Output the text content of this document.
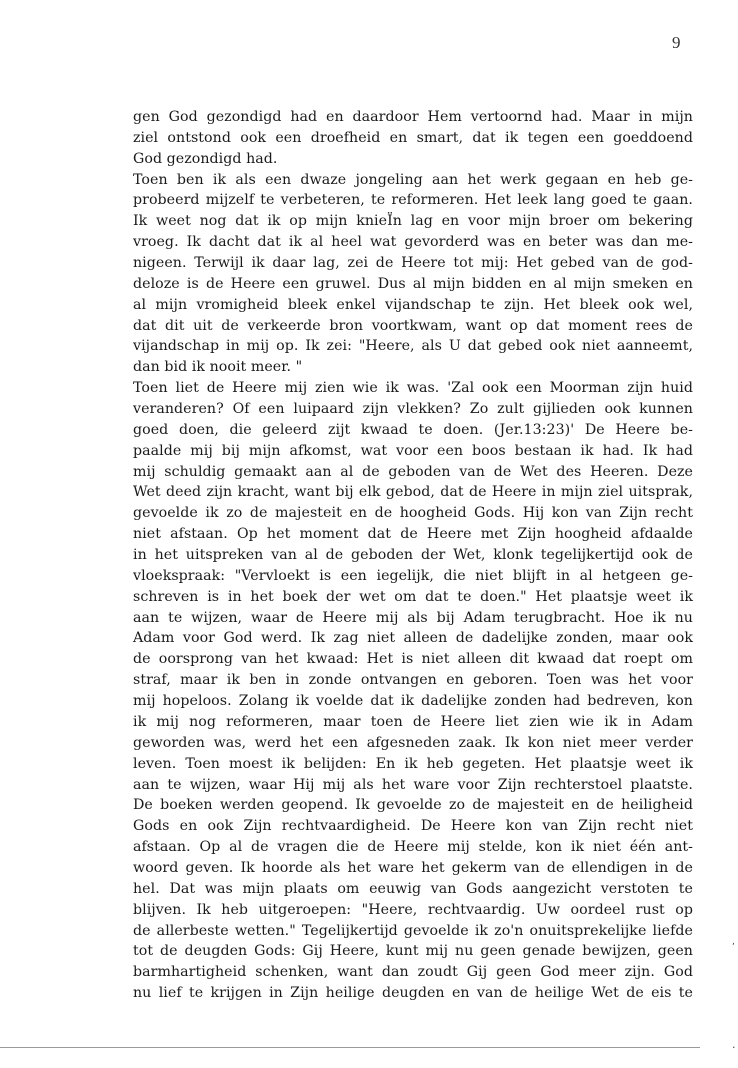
9
gen God gezondigd had en daardoor Hem vertoornd had. Maar in mijn
ziel ontstond ook een droefheid en smart, dat ik tegen een goeddoend
God gezondigd had.
Toen ben ik als een dwaze jongeling aan het werk gegaan en heb ge-
probeerd mijzelf te verbeteren, te reformeren. Het leek lang goed te gaan.
Ik weet nog dat ik op mijn knieÏn lag en voor mijn broer om bekering
vroeg. Ik dacht dat ik al heel wat gevorderd was en beter was dan me-
nigeen. Terwijl ik daar lag, zei de Heere tot mij: Het gebed van de god-
deloze is de Heere een gruwel. Dus al mijn bidden en al mijn smeken en
al mijn vromigheid bleek enkel vijandschap te zijn. Het bleek ook wel,
dat dit uit de verkeerde bron voortkwam, want op dat moment rees de
vijandschap in mij op. Ik zei: "Heere, als U dat gebed ook niet aanneemt,
dan bid ik nooit meer. "
Toen liet de Heere mij zien wie ik was. 'Zal ook een Moorman zijn huid
veranderen? Of een luipaard zijn vlekken? Zo zult gijlieden ook kunnen
goed doen, die geleerd zijt kwaad te doen. (Jer.13:23)' De Heere be-
paalde mij bij mijn afkomst, wat voor een boos bestaan ik had. Ik had
mij schuldig gemaakt aan al de geboden van de Wet des Heeren. Deze
Wet deed zijn kracht, want bij elk gebod, dat de Heere in mijn ziel uitsprak,
gevoelde ik zo de majesteit en de hoogheid Gods. Hij kon van Zijn recht
niet afstaan. Op het moment dat de Heere met Zijn hoogheid afdaalde
in het uitspreken van al de geboden der Wet, klonk tegelijkertijd ook de
vloekspraak: "Vervloekt is een iegelijk, die niet blijft in al hetgeen ge-
schreven is in het boek der wet om dat te doen." Het plaatsje weet ik
aan te wijzen, waar de Heere mij als bij Adam terugbracht. Hoe ik nu
Adam voor God werd. Ik zag niet alleen de dadelijke zonden, maar ook
de oorsprong van het kwaad: Het is niet alleen dit kwaad dat roept om
straf, maar ik ben in zonde ontvangen en geboren. Toen was het voor
mij hopeloos. Zolang ik voelde dat ik dadelijke zonden had bedreven, kon
ik mij nog reformeren, maar toen de Heere liet zien wie ik in Adam
geworden was, werd het een afgesneden zaak. Ik kon niet meer verder
leven. Toen moest ik belijden: En ik heb gegeten. Het plaatsje weet ik
aan te wijzen, waar Hij mij als het ware voor Zijn rechterstoel plaatste.
De boeken werden geopend. Ik gevoelde zo de majesteit en de heiligheid
Gods en ook Zijn rechtvaardigheid. De Heere kon van Zijn recht niet
afstaan. Op al de vragen die de Heere mij stelde, kon ik niet één ant-
woord geven. Ik hoorde als het ware het gekerm van de ellendigen in de
hel. Dat was mijn plaats om eeuwig van Gods aangezicht verstoten te
blijven. Ik heb uitgeroepen: "Heere, rechtvaardig. Uw oordeel rust op
de allerbeste wetten." Tegelijkertijd gevoelde ik zo'n onuitsprekelijke liefde
tot de deugden Gods: Gij Heere, kunt mij nu geen genade bewijzen, geen
barmhartigheid schenken, want dan zoudt Gij geen God meer zijn. God
nu lief te krijgen in Zijn heilige deugden en van de heilige Wet de eis te
,
.
